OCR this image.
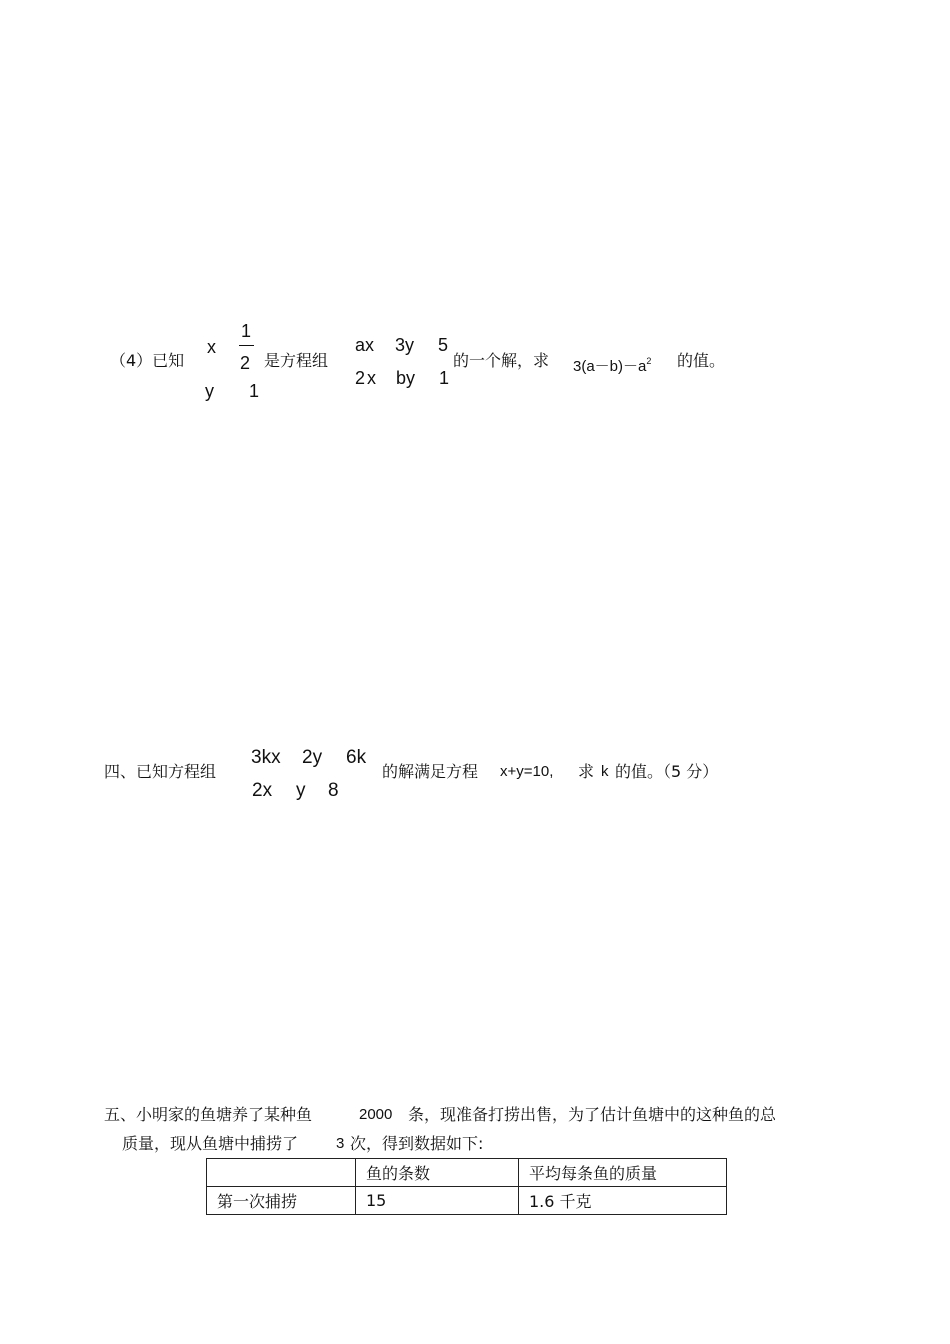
（4）已知
x
1
2
y 1
是方程组
ax 3y 5
2x by 1
的一个解，求 $3(a-b)-a^2$ 的值。
四、已知方程组
3kx 2y 6k
2x y 8
的解满足方程 x+y=10, 求 k 的值。（5 分）
五、小明家的鱼塘养了某种鱼	2000 条，现准备打捞出售，为了估计鱼塘中的这种鱼的总
质量，现从鱼塘中捕捞了	3 次，得到数据如下:
	鱼的条数	平均每条鱼的质量
第一次捕捞	15	1.6 千克
